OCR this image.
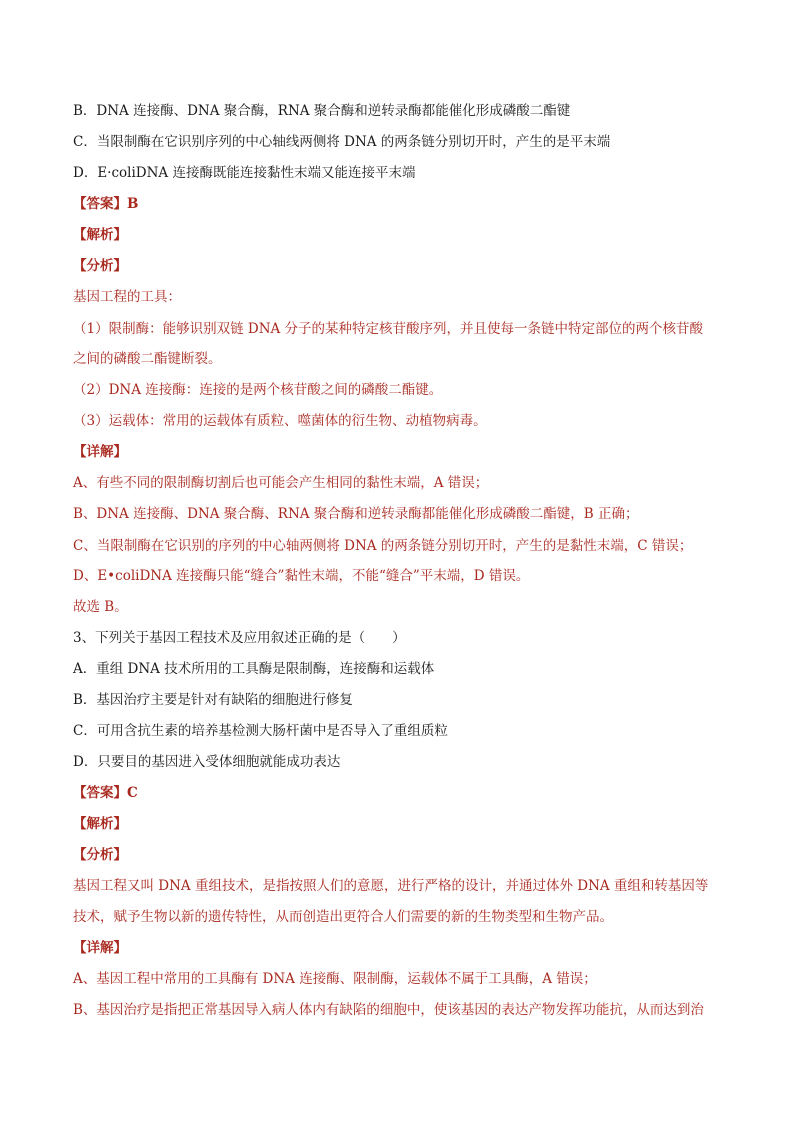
B．DNA 连接酶、DNA 聚合酶，RNA 聚合酶和逆转录酶都能催化形成磷酸二酯键
C．当限制酶在它识别序列的中心轴线两侧将 DNA 的两条链分别切开时，产生的是平末端
D．E·coliDNA 连接酶既能连接黏性末端又能连接平末端
【答案】B
【解析】
【分析】
基因工程的工具：
（1）限制酶：能够识别双链 DNA 分子的某种特定核苷酸序列，并且使每一条链中特定部位的两个核苷酸
之间的磷酸二酯键断裂。
（2）DNA 连接酶：连接的是两个核苷酸之间的磷酸二酯键。
（3）运载体：常用的运载体有质粒、噬菌体的衍生物、动植物病毒。
【详解】
A、有些不同的限制酶切割后也可能会产生相同的黏性末端，A 错误；
B、DNA 连接酶、DNA 聚合酶、RNA 聚合酶和逆转录酶都能催化形成磷酸二酯键，B 正确；
C、当限制酶在它识别的序列的中心轴两侧将 DNA 的两条链分别切开时，产生的是黏性末端，C 错误；
D、E•coliDNA 连接酶只能“缝合”黏性末端，不能“缝合”平末端，D 错误。
故选 B。
3、下列关于基因工程技术及应用叙述正确的是（　　）
A．重组 DNA 技术所用的工具酶是限制酶，连接酶和运载体
B．基因治疗主要是针对有缺陷的细胞进行修复
C．可用含抗生素的培养基检测大肠杆菌中是否导入了重组质粒
D．只要目的基因进入受体细胞就能成功表达
【答案】C
【解析】
【分析】
基因工程又叫 DNA 重组技术，是指按照人们的意愿，进行严格的设计，并通过体外 DNA 重组和转基因等
技术，赋予生物以新的遗传特性，从而创造出更符合人们需要的新的生物类型和生物产品。
【详解】
A、基因工程中常用的工具酶有 DNA 连接酶、限制酶，运载体不属于工具酶，A 错误；
B、基因治疗是指把正常基因导入病人体内有缺陷的细胞中，使该基因的表达产物发挥功能抗，从而达到治
